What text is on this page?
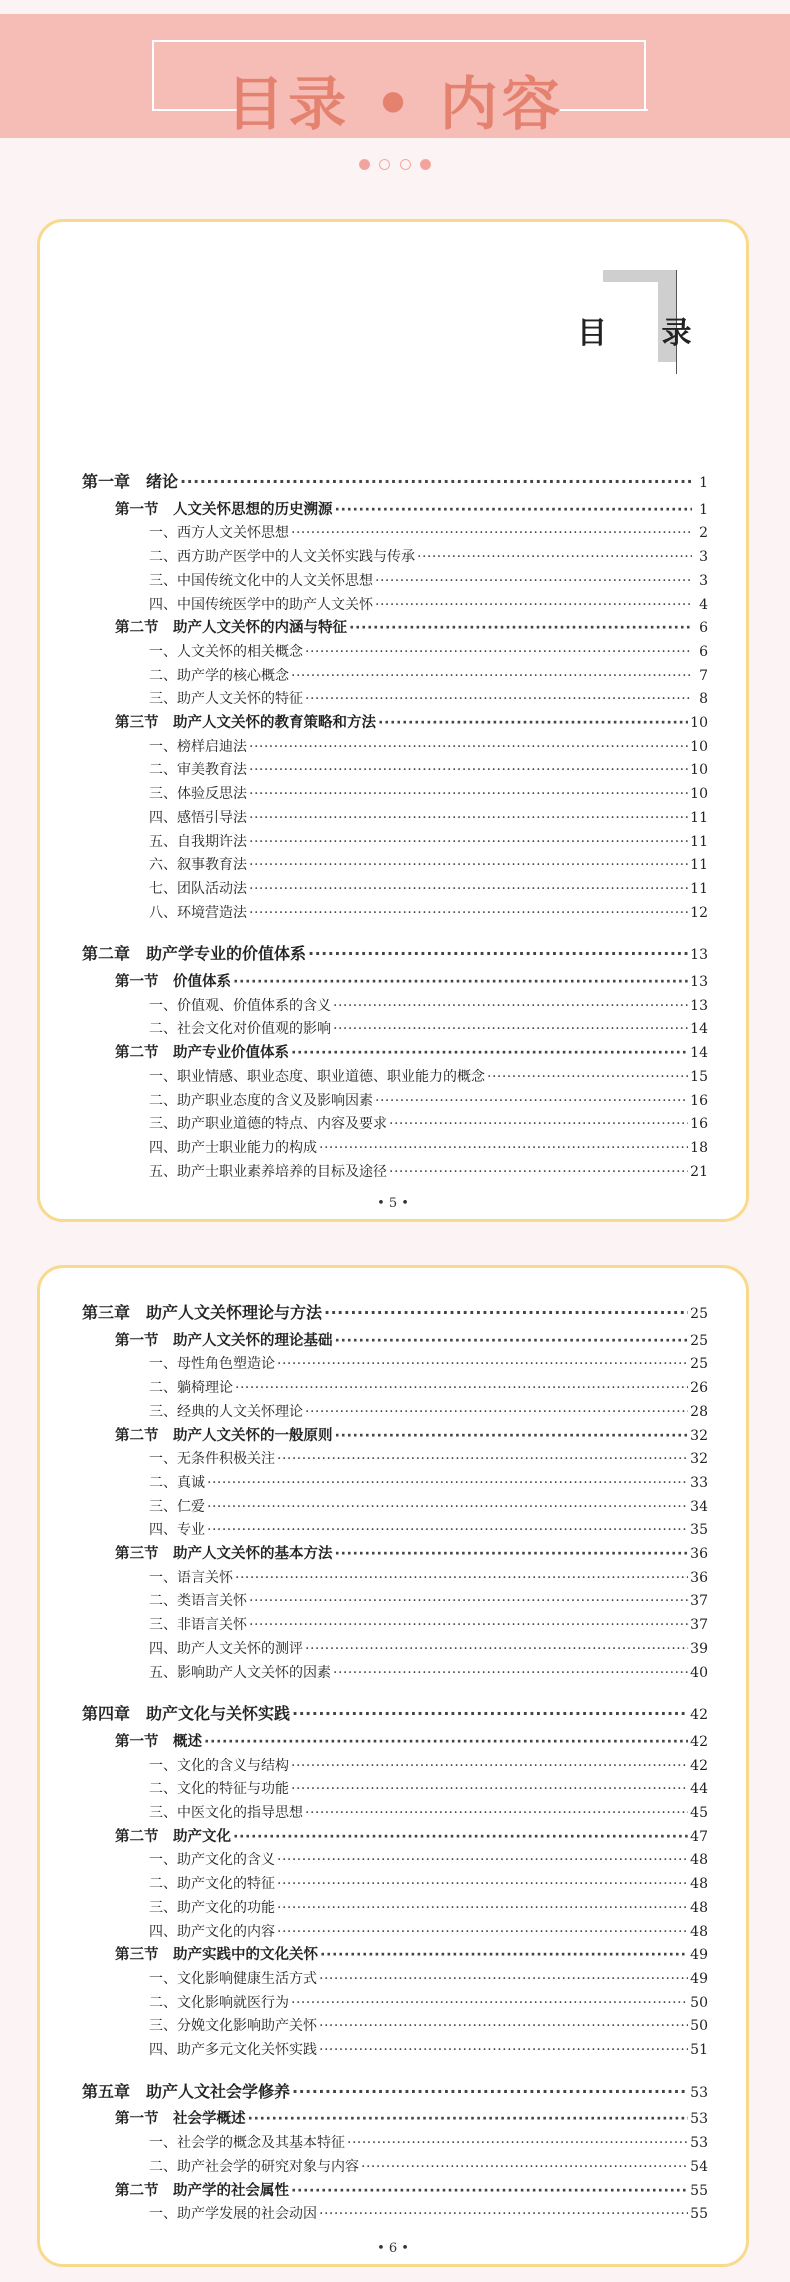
目录 • 内容

目 录
第一章　绪论 ·····	1
第一节　人文关怀思想的历史溯源 ·····	1
一、西方人文关怀思想 ·····	2
二、西方助产医学中的人文关怀实践与传承 ·····	3
三、中国传统文化中的人文关怀思想 ·····	3
四、中国传统医学中的助产人文关怀 ·····	4
第二节　助产人文关怀的内涵与特征 ·····	6
一、人文关怀的相关概念 ·····	6
二、助产学的核心概念 ·····	7
三、助产人文关怀的特征 ·····	8
第三节　助产人文关怀的教育策略和方法 ·····	10
一、榜样启迪法 ·····	10
二、审美教育法 ·····	10
三、体验反思法 ·····	10
四、感悟引导法 ·····	11
五、自我期许法 ·····	11
六、叙事教育法 ·····	11
七、团队活动法 ·····	11
八、环境营造法 ·····	12
第二章　助产学专业的价值体系 ·····	13
第一节　价值体系 ·····	13
一、价值观、价值体系的含义 ·····	13
二、社会文化对价值观的影响 ·····	14
第二节　助产专业价值体系 ·····	14
一、职业情感、职业态度、职业道德、职业能力的概念 ·····	15
二、助产职业态度的含义及影响因素 ·····	16
三、助产职业道德的特点、内容及要求 ·····	16
四、助产士职业能力的构成 ·····	18
五、助产士职业素养培养的目标及途径 ·····	21
• 5 •
第三章　助产人文关怀理论与方法 ·····	25
第一节　助产人文关怀的理论基础 ·····	25
一、母性角色塑造论 ·····	25
二、躺椅理论 ·····	26
三、经典的人文关怀理论 ·····	28
第二节　助产人文关怀的一般原则 ·····	32
一、无条件积极关注 ·····	32
二、真诚 ·····	33
三、仁爱 ·····	34
四、专业 ·····	35
第三节　助产人文关怀的基本方法 ·····	36
一、语言关怀 ·····	36
二、类语言关怀 ·····	37
三、非语言关怀 ·····	37
四、助产人文关怀的测评 ·····	39
五、影响助产人文关怀的因素 ·····	40
第四章　助产文化与关怀实践 ·····	42
第一节　概述 ·····	42
一、文化的含义与结构 ·····	42
二、文化的特征与功能 ·····	44
三、中医文化的指导思想 ·····	45
第二节　助产文化 ·····	47
一、助产文化的含义 ·····	48
二、助产文化的特征 ·····	48
三、助产文化的功能 ·····	48
四、助产文化的内容 ·····	48
第三节　助产实践中的文化关怀 ·····	49
一、文化影响健康生活方式 ·····	49
二、文化影响就医行为 ·····	50
三、分娩文化影响助产关怀 ·····	50
四、助产多元文化关怀实践 ·····	51
第五章　助产人文社会学修养 ·····	53
第一节　社会学概述 ·····	53
一、社会学的概念及其基本特征 ·····	53
二、助产社会学的研究对象与内容 ·····	54
第二节　助产学的社会属性 ·····	55
一、助产学发展的社会动因 ·····	55
• 6 •
